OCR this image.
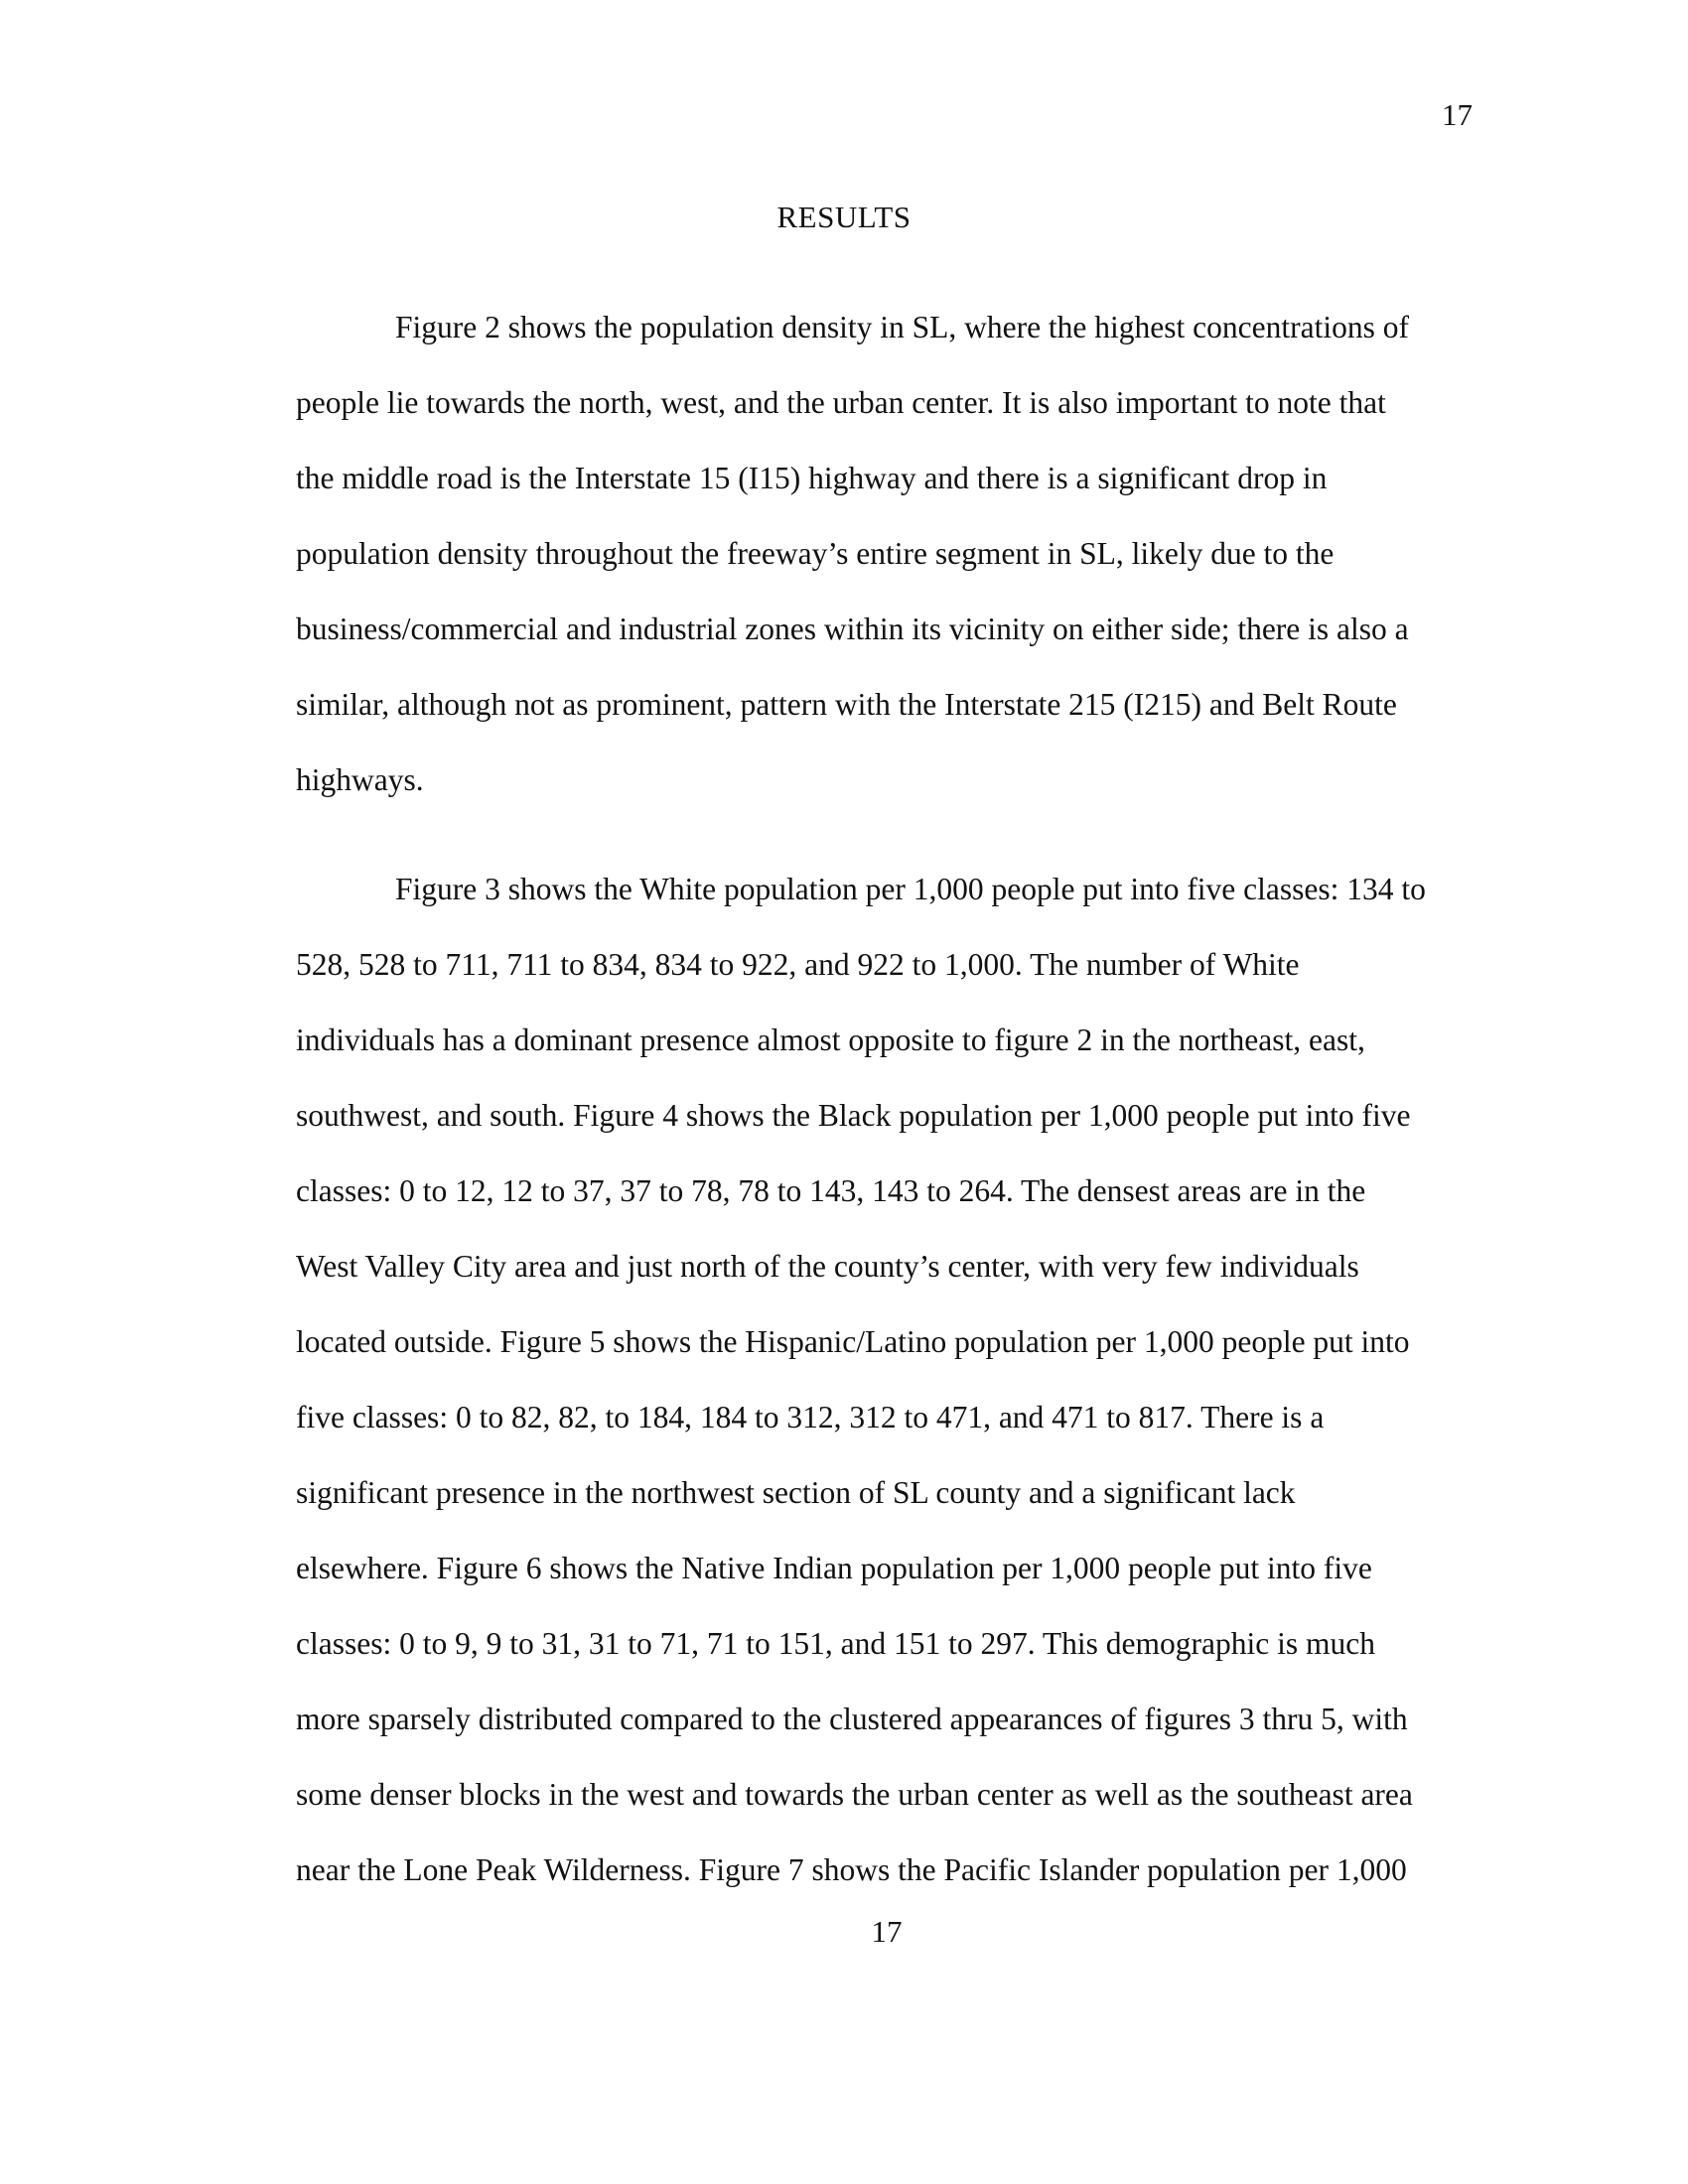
17
RESULTS
Figure 2 shows the population density in SL, where the highest concentrations of
people lie towards the north, west, and the urban center. It is also important to note that
the middle road is the Interstate 15 (I15) highway and there is a significant drop in
population density throughout the freeway’s entire segment in SL, likely due to the
business/commercial and industrial zones within its vicinity on either side; there is also a
similar, although not as prominent, pattern with the Interstate 215 (I215) and Belt Route
highways.
Figure 3 shows the White population per 1,000 people put into five classes: 134 to
528, 528 to 711, 711 to 834, 834 to 922, and 922 to 1,000. The number of White
individuals has a dominant presence almost opposite to figure 2 in the northeast, east,
southwest, and south. Figure 4 shows the Black population per 1,000 people put into five
classes: 0 to 12, 12 to 37, 37 to 78, 78 to 143, 143 to 264. The densest areas are in the
West Valley City area and just north of the county’s center, with very few individuals
located outside. Figure 5 shows the Hispanic/Latino population per 1,000 people put into
five classes: 0 to 82, 82, to 184, 184 to 312, 312 to 471, and 471 to 817. There is a
significant presence in the northwest section of SL county and a significant lack
elsewhere. Figure 6 shows the Native Indian population per 1,000 people put into five
classes: 0 to 9, 9 to 31, 31 to 71, 71 to 151, and 151 to 297. This demographic is much
more sparsely distributed compared to the clustered appearances of figures 3 thru 5, with
some denser blocks in the west and towards the urban center as well as the southeast area
near the Lone Peak Wilderness. Figure 7 shows the Pacific Islander population per 1,000
17
